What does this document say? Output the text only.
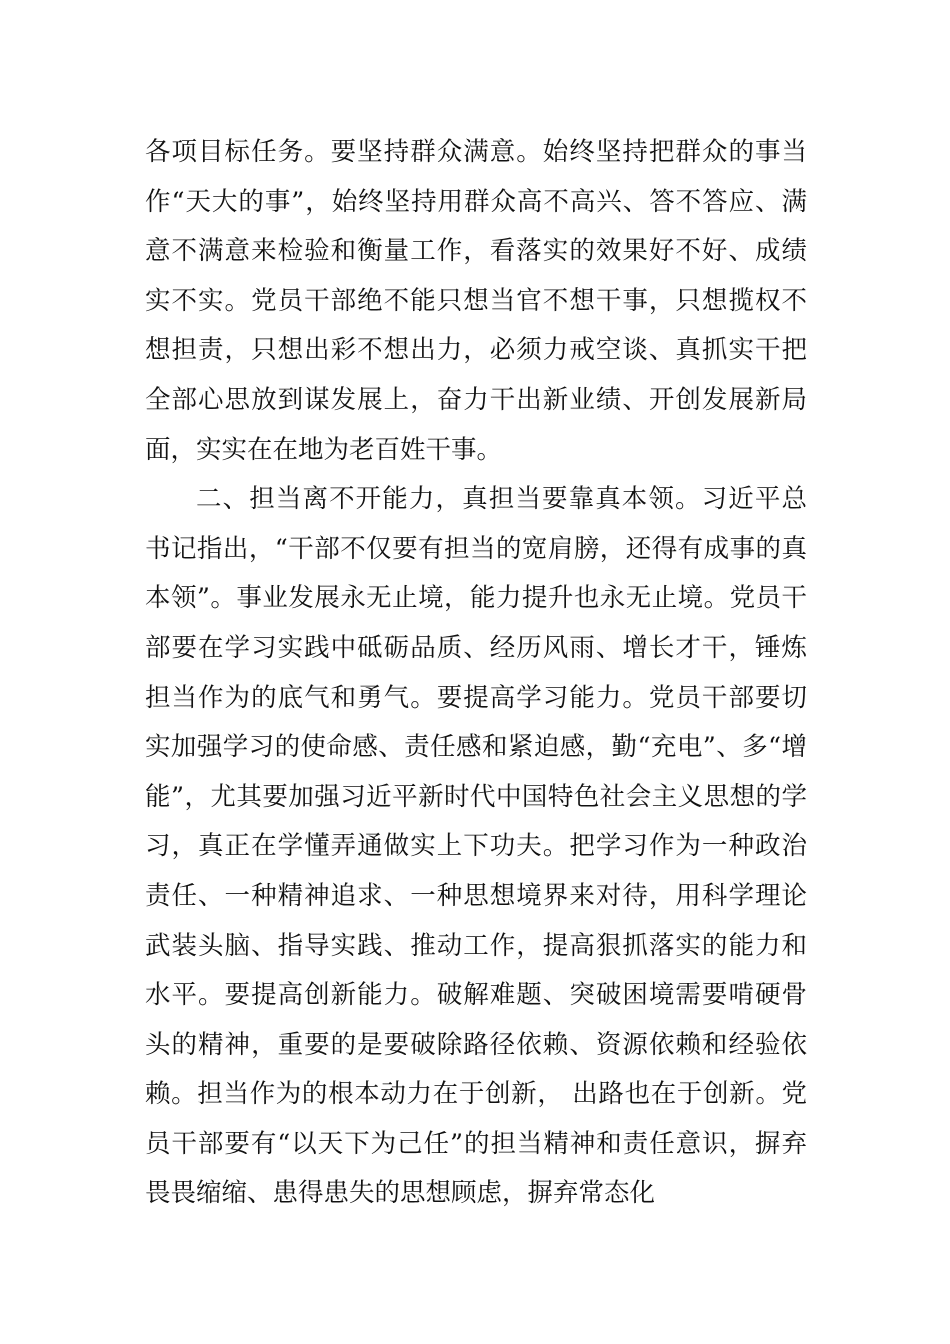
各项目标任务。要坚持群众满意。始终坚持把群众的事当作“天大的事”，始终坚持用群众高不高兴、答不答应、满意不满意来检验和衡量工作，看落实的效果好不好、成绩实不实。党员干部绝不能只想当官不想干事，只想揽权不想担责，只想出彩不想出力，必须力戒空谈、真抓实干把全部心思放到谋发展上，奋力干出新业绩、开创发展新局面，实实在在地为老百姓干事。

二、担当离不开能力，真担当要靠真本领。习近平总书记指出，“干部不仅要有担当的宽肩膀，还得有成事的真本领”。事业发展永无止境，能力提升也永无止境。党员干部要在学习实践中砥砺品质、经历风雨、增长才干，锤炼担当作为的底气和勇气。要提高学习能力。党员干部要切实加强学习的使命感、责任感和紧迫感，勤“充电”、多“增能”，尤其要加强习近平新时代中国特色社会主义思想的学习，真正在学懂弄通做实上下功夫。把学习作为一种政治责任、一种精神追求、一种思想境界来对待，用科学理论武装头脑、指导实践、推动工作，提高狠抓落实的能力和水平。要提高创新能力。破解难题、突破困境需要啃硬骨头的精神，重要的是要破除路径依赖、资源依赖和经验依赖。担当作为的根本动力在于创新， 出路也在于创新。党员干部要有“以天下为己任”的担当精神和责任意识，摒弃畏畏缩缩、患得患失的思想顾虑，摒弃常态化
